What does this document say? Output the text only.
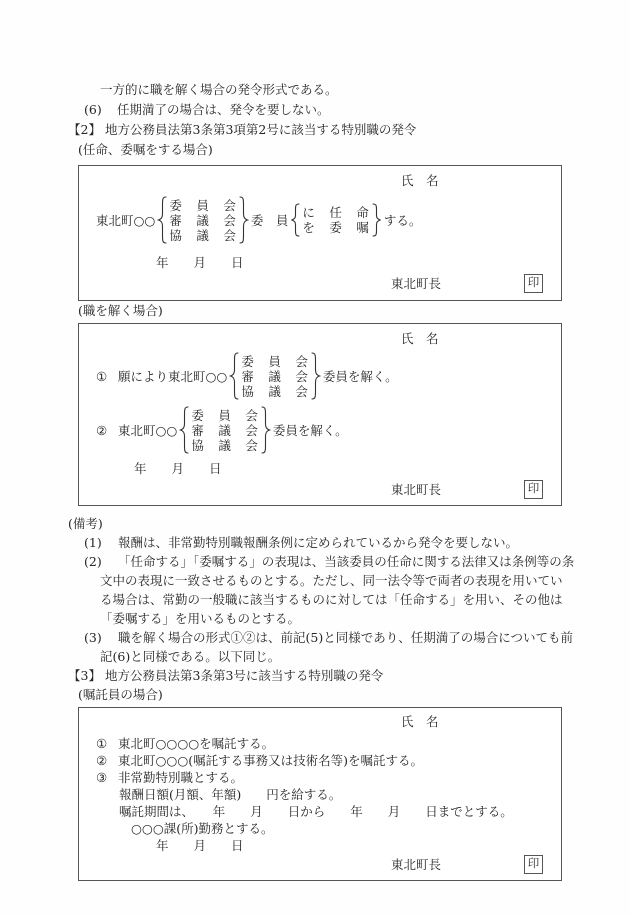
一方的に職を解く場合の発令形式である。
(6)	任期満了の場合は、発令を要しない。
【2】 地方公務員法第3条第3項第2号に該当する特別職の発令
(任命、委嘱をする場合)
氏　名
東北町○○
委　員　会
審　議　会
協　議　会
委　員
に　任　命
を　委　嘱 する。
年　　月　　日
東北町長	印
(職を解く場合)
氏　名
① 願により東北町○○
委　員　会
審　議　会
協　議　会
委員を解く。
② 東北町○○
委　員　会
審　議　会
協　議　会
委員を解く。
年　　月　　日
東北町長	印
(備考)
(1)	報酬は、非常勤特別職報酬条例に定められているから発令を要しない。
(2)	「任命する」「委嘱する」の表現は、当該委員の任命に関する法律又は条例等の条
文中の表現に一致させるものとする。ただし、同一法令等で両者の表現を用いてい
る場合は、常勤の一般職に該当するものに対しては「任命する」を用い、その他は
「委嘱する」を用いるものとする。
(3)	職を解く場合の形式①②は、前記(5)と同様であり、任期満了の場合についても前
記(6)と同様である。以下同じ。
【3】 地方公務員法第3条第3号に該当する特別職の発令
(嘱託員の場合)
氏　名
① 東北町○○○○を嘱託する。
② 東北町○○○(嘱託する事務又は技術名等)を嘱託する。
③ 非常勤特別職とする。
報酬日額(月額、年額)　　円を給する。
嘱託期間は、　　年　　月　　日から　　年　　月　　日までとする。
○○○課(所)勤務とする。
年　　月　　日
東北町長	印
